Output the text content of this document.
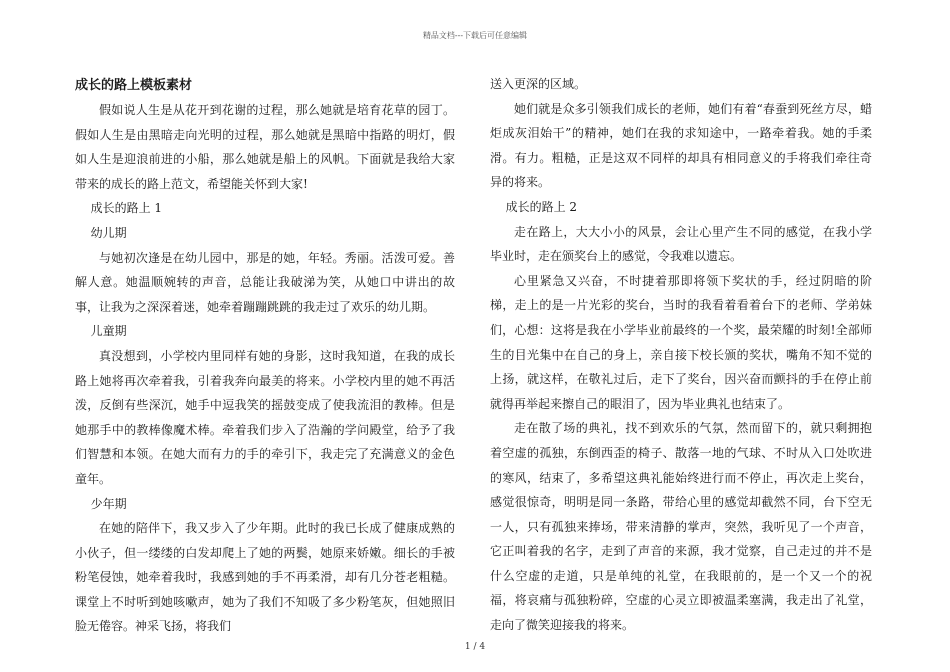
精品文档---下载后可任意编辑
成长的路上模板素材

假如说人生是从花开到花谢的过程，那么她就是培育花草的园丁。假如人生是由黑暗走向光明的过程，那么她就是黑暗中指路的明灯，假如人生是迎浪前进的小船，那么她就是船上的风帆。下面就是我给大家带来的成长的路上范文，希望能关怀到大家!

成长的路上 1

幼儿期

与她初次逢是在幼儿园中，那是的她，年轻。秀丽。活泼可爱。善解人意。她温顺婉转的声音，总能让我破涕为笑，从她口中讲出的故事，让我为之深深着迷，她牵着蹦蹦跳跳的我走过了欢乐的幼儿期。

儿童期

真没想到，小学校内里同样有她的身影，这时我知道，在我的成长路上她将再次牵着我，引着我奔向最美的将来。小学校内里的她不再活泼，反倒有些深沉，她手中逗我笑的摇鼓变成了使我流泪的教棒。但是她那手中的教棒像魔术棒。牵着我们步入了浩瀚的学问殿堂，给予了我们智慧和本领。在她大而有力的手的牵引下，我走完了充满意义的金色童年。

少年期

在她的陪伴下，我又步入了少年期。此时的我已长成了健康成熟的小伙子，但一缕缕的白发却爬上了她的两鬓，她原来娇嫩。细长的手被粉笔侵蚀，她牵着我时，我感到她的手不再柔滑，却有几分苍老粗糙。课堂上不时听到她咳嗽声，她为了我们不知吸了多少粉笔灰，但她照旧脸无倦容。神采飞扬，将我们

送入更深的区域。

她们就是众多引领我们成长的老师，她们有着“春蚕到死丝方尽，蜡炬成灰泪始干”的精神，她们在我的求知途中，一路牵着我。她的手柔滑。有力。粗糙，正是这双不同样的却具有相同意义的手将我们牵往奇异的将来。

成长的路上 2

走在路上，大大小小的风景，会让心里产生不同的感觉，在我小学毕业时，走在颁奖台上的感觉，令我难以遗忘。

心里紧急又兴奋，不时捷着那即将领下奖状的手，经过阴暗的阶梯，走上的是一片光彩的奖台，当时的我看着看着台下的老师、学弟妹们，心想：这将是我在小学毕业前最终的一个奖，最荣耀的时刻!全部师生的目光集中在自己的身上，亲自接下校长颁的奖状，嘴角不知不觉的上扬，就这样，在敬礼过后，走下了奖台，因兴奋而颤抖的手在停止前就得再举起来擦自己的眼泪了，因为毕业典礼也结束了。

走在散了场的典礼，找不到欢乐的气氛，然而留下的，就只剩拥抱着空虚的孤独，东倒西歪的椅子、散落一地的气球、不时从入口处吹进的寒风，结束了，多希望这典礼能始终进行而不停止，再次走上奖台，感觉很惊奇，明明是同一条路，带给心里的感觉却截然不同，台下空无一人，只有孤独来捧场，带来清静的掌声，突然，我听见了一个声音，它正叫着我的名字，走到了声音的来源，我才觉察，自己走过的并不是什么空虚的走道，只是单纯的礼堂，在我眼前的，是一个又一个的祝福，将哀痛与孤独粉碎，空虚的心灵立即被温柔塞满，我走出了礼堂，走向了微笑迎接我的将来。

1 / 4
